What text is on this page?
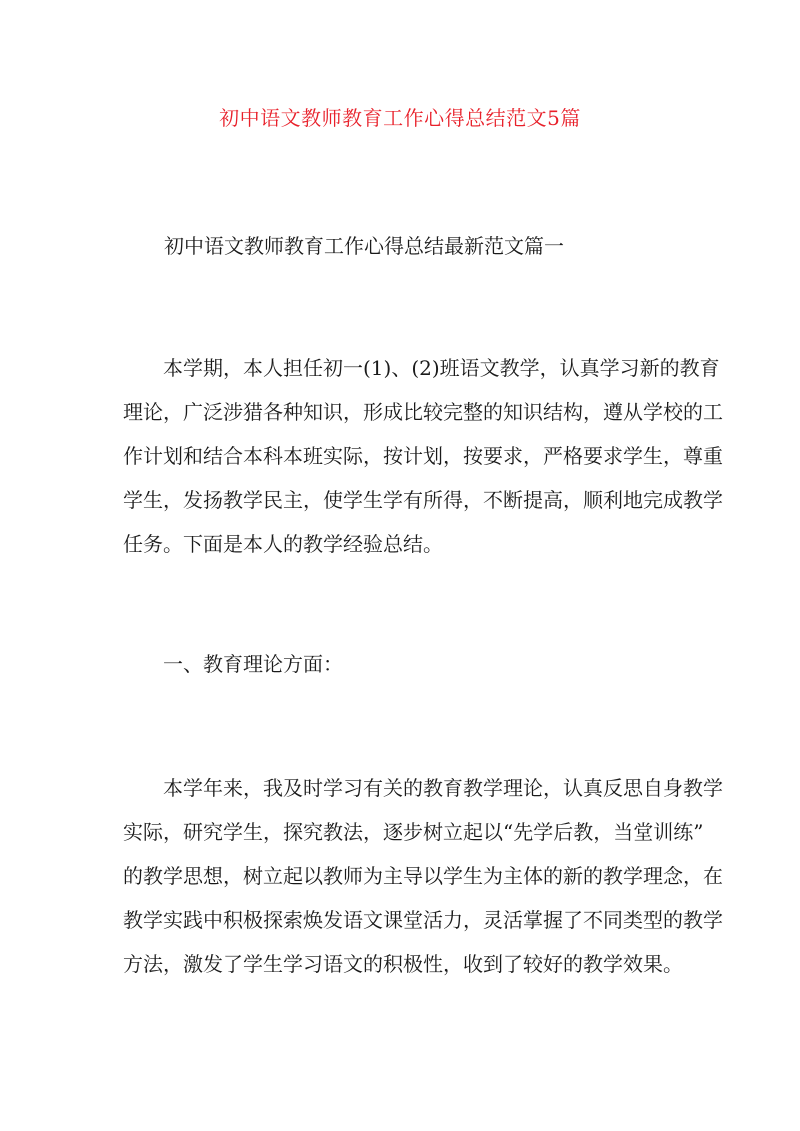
初中语文教师教育工作心得总结范文5篇
初中语文教师教育工作心得总结最新范文篇一
本学期，本人担任初一(1)、(2)班语文教学，认真学习新的教育
理论，广泛涉猎各种知识，形成比较完整的知识结构，遵从学校的工
作计划和结合本科本班实际，按计划，按要求，严格要求学生，尊重
学生，发扬教学民主，使学生学有所得，不断提高，顺利地完成教学
任务。下面是本人的教学经验总结。
一、教育理论方面：
本学年来，我及时学习有关的教育教学理论，认真反思自身教学
实际，研究学生，探究教法，逐步树立起以“先学后教，当堂训练”
的教学思想，树立起以教师为主导以学生为主体的新的教学理念，在
教学实践中积极探索焕发语文课堂活力，灵活掌握了不同类型的教学
方法，激发了学生学习语文的积极性，收到了较好的教学效果。
